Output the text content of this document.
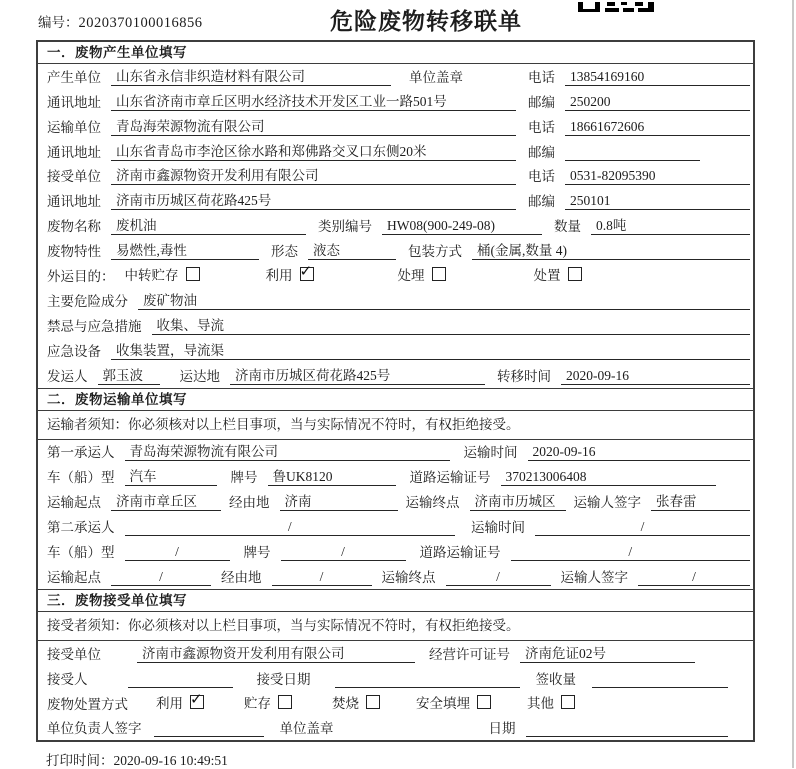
编号：2020370100016856	危险废物转移联单
一．废物产生单位填写
产生单位	山东省永信非织造材料有限公司	单位盖章	电话	13854169160
通讯地址	山东省济南市章丘区明水经济技术开发区工业一路501号	邮编	250200
运输单位	青岛海荣源物流有限公司	电话	18661672606
通讯地址	山东省青岛市李沧区徐水路和郑佛路交叉口东侧20米	邮编
接受单位	济南市鑫源物资开发利用有限公司	电话	0531-82095390
通讯地址	济南市历城区荷花路425号	邮编	250101
废物名称	废机油	类别编号	HW08(900-249-08)	数量	0.8吨
废物特性	易燃性,毒性	形态	液态	包装方式	桶(金属,数量 4)
外运目的： 中转贮存	利用 ✓	处理	处置
主要危险成分	废矿物油
禁忌与应急措施	收集、导流
应急设备	收集装置，导流渠
发运人	郭玉波	运达地	济南市历城区荷花路425号	转移时间	2020-09-16
二．废物运输单位填写
运输者须知：你必须核对以上栏目事项，当与实际情况不符时，有权拒绝接受。
第一承运人	青岛海荣源物流有限公司	运输时间	2020-09-16
车（船）型	汽车	牌号	鲁UK8120	道路运输证号	370213006408
运输起点	济南市章丘区	经由地	济南	运输终点	济南市历城区	运输人签字	张春雷
第二承运人	/	运输时间	/
车（船）型	/	牌号	/	道路运输证号	/
运输起点	/	经由地	/	运输终点	/	运输人签字	/
三．废物接受单位填写
接受者须知：你必须核对以上栏目事项，当与实际情况不符时，有权拒绝接受。
接受单位	济南市鑫源物资开发利用有限公司	经营许可证号	济南危证02号
接受人	接受日期	签收量
废物处置方式 利用 ✓	贮存	焚烧	安全填埋	其他
单位负责人签字	单位盖章	日期
打印时间：2020-09-16 10:49:51
